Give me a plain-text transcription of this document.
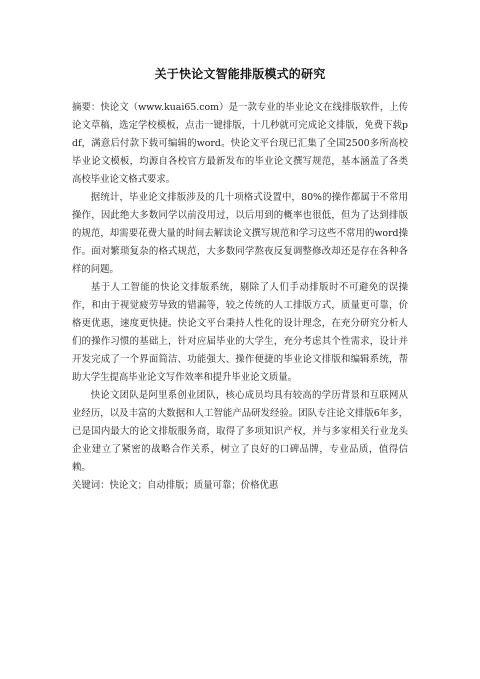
关于快论文智能排版模式的研究

摘要：快论文（www.kuai65.com）是一款专业的毕业论文在线排版软件，上传论文草稿，选定学校模板，点击一键排版，十几秒就可完成论文排版，免费下载pdf，满意后付款下载可编辑的word。快论文平台现已汇集了全国2500多所高校毕业论文模板，均源自各校官方最新发布的毕业论文撰写规范，基本涵盖了各类高校毕业论文格式要求。

据统计，毕业论文排版涉及的几十项格式设置中，80%的操作都属于不常用操作，因此绝大多数同学以前没用过，以后用到的概率也很低，但为了达到排版的规范，却需要花费大量的时间去解读论文撰写规范和学习这些不常用的word操作。面对繁琐复杂的格式规范，大多数同学熬夜反复调整修改却还是存在各种各样的问题。

基于人工智能的快论文排版系统，剔除了人们手动排版时不可避免的误操作，和由于视觉疲劳导致的错漏等，较之传统的人工排版方式，质量更可靠，价格更优惠，速度更快捷。快论文平台秉持人性化的设计理念，在充分研究分析人们的操作习惯的基础上，针对应届毕业的大学生，充分考虑其个性需求，设计并开发完成了一个界面简洁、功能强大、操作便捷的毕业论文排版和编辑系统，帮助大学生提高毕业论文写作效率和提升毕业论文质量。

快论文团队是阿里系创业团队，核心成员均具有较高的学历背景和互联网从业经历，以及丰富的大数据和人工智能产品研发经验。团队专注论文排版6年多，已是国内最大的论文排版服务商，取得了多项知识产权，并与多家相关行业龙头企业建立了紧密的战略合作关系，树立了良好的口碑品牌，专业品质，值得信赖。

关键词：快论文；自动排版；质量可靠；价格优惠
